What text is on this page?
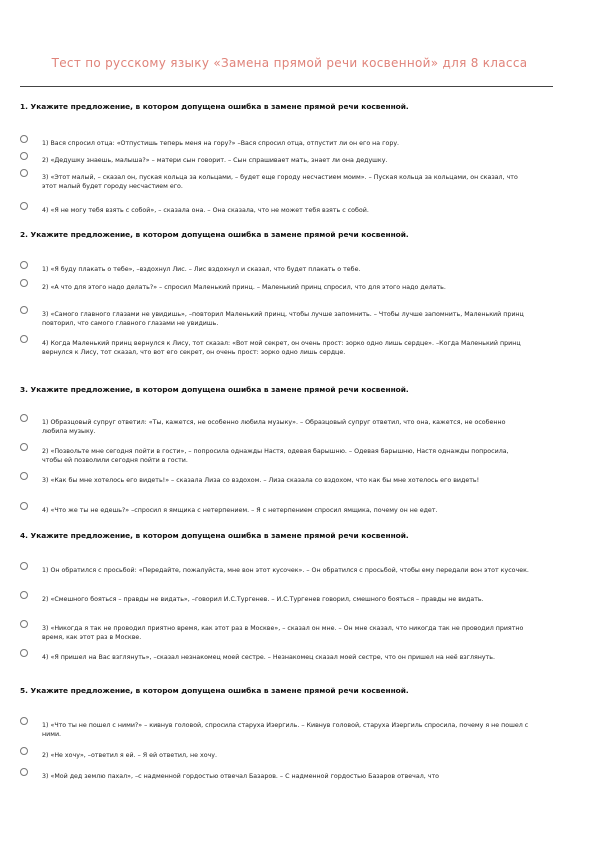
Тест по русскому языку «Замена прямой речи косвенной» для 8 класса
1. Укажите предложение, в котором допущена ошибка в замене прямой речи косвенной.
1) Вася спросил отца: «Отпустишь теперь меня на гору?» –Вася спросил отца, отпустит ли он его на гору.
2) «Дедушку знаешь, малыша?» – матери сын говорит. – Сын спрашивает мать, знает ли она дедушку.
3) «Этот малый, – сказал он, пуская кольца за кольцами, – будет еще городу несчастием моим». – Пуская кольца за кольцами, он сказал, что этот малый будет городу несчастием его.
4) «Я не могу тебя взять с собой», – сказала она. – Она сказала, что не может тебя взять с собой.
2. Укажите предложение, в котором допущена ошибка в замене прямой речи косвенной.
1) «Я буду плакать о тебе», –вздохнул Лис. – Лис вздохнул и сказал, что будет плакать о тебе.
2) «А что для этого надо делать?» – спросил Маленький принц. – Маленький принц спросил, что для этого надо делать.
3) «Самого главного глазами не увидишь», –повторил Маленький принц, чтобы лучше запомнить. – Чтобы лучше запомнить, Маленький принц повторил, что самого главного глазами не увидишь.
4) Когда Маленький принц вернулся к Лису, тот сказал: «Вот мой секрет, он очень прост: зорко одно лишь сердце». –Когда Маленький принц вернулся к Лису, тот сказал, что вот его секрет, он очень прост: зорко одно лишь сердце.
3. Укажите предложение, в котором допущена ошибка в замене прямой речи косвенной.
1) Образцовый супруг ответил: «Ты, кажется, не особенно любила музыку». – Образцовый супруг ответил, что она, кажется, не особенно любила музыку.
2) «Позвольте мне сегодня пойти в гости», – попросила однажды Настя, одевая барышню. – Одевая барышню, Настя однажды попросила, чтобы ей позволили сегодня пойти в гости.
3) «Как бы мне хотелось его видеть!» – сказала Лиза со вздохом. – Лиза сказала со вздохом, что как бы мне хотелось его видеть!
4) «Что же ты не едешь?» –спросил я ямщика с нетерпением. – Я с нетерпением спросил ямщика, почему он не едет.
4. Укажите предложение, в котором допущена ошибка в замене прямой речи косвенной.
1) Он обратился с просьбой: «Передайте, пожалуйста, мне вон этот кусочек». – Он обратился с просьбой, чтобы ему передали вон этот кусочек.
2) «Смешного бояться – правды не видать», –говорил И.С.Тургенев. – И.С.Тургенев говорил, смешного бояться – правды не видать.
3) «Никогда я так не проводил приятно время, как этот раз в Москве», – сказал он мне. – Он мне сказал, что никогда так не проводил приятно время, как этот раз в Москве.
4) «Я пришел на Вас взглянуть», –сказал незнакомец моей сестре. – Незнакомец сказал моей сестре, что он пришел на неё взглянуть.
5. Укажите предложение, в котором допущена ошибка в замене прямой речи косвенной.
1) «Что ты не пошел с ними?» – кивнув головой, спросила старуха Изергиль. – Кивнув головой, старуха Изергиль спросила, почему я не пошел с ними.
2) «Не хочу», –ответил я ей. – Я ей ответил, не хочу.
3) «Мой дед землю пахал», –с надменной гордостью отвечал Базаров. – С надменной гордостью Базаров отвечал, что
